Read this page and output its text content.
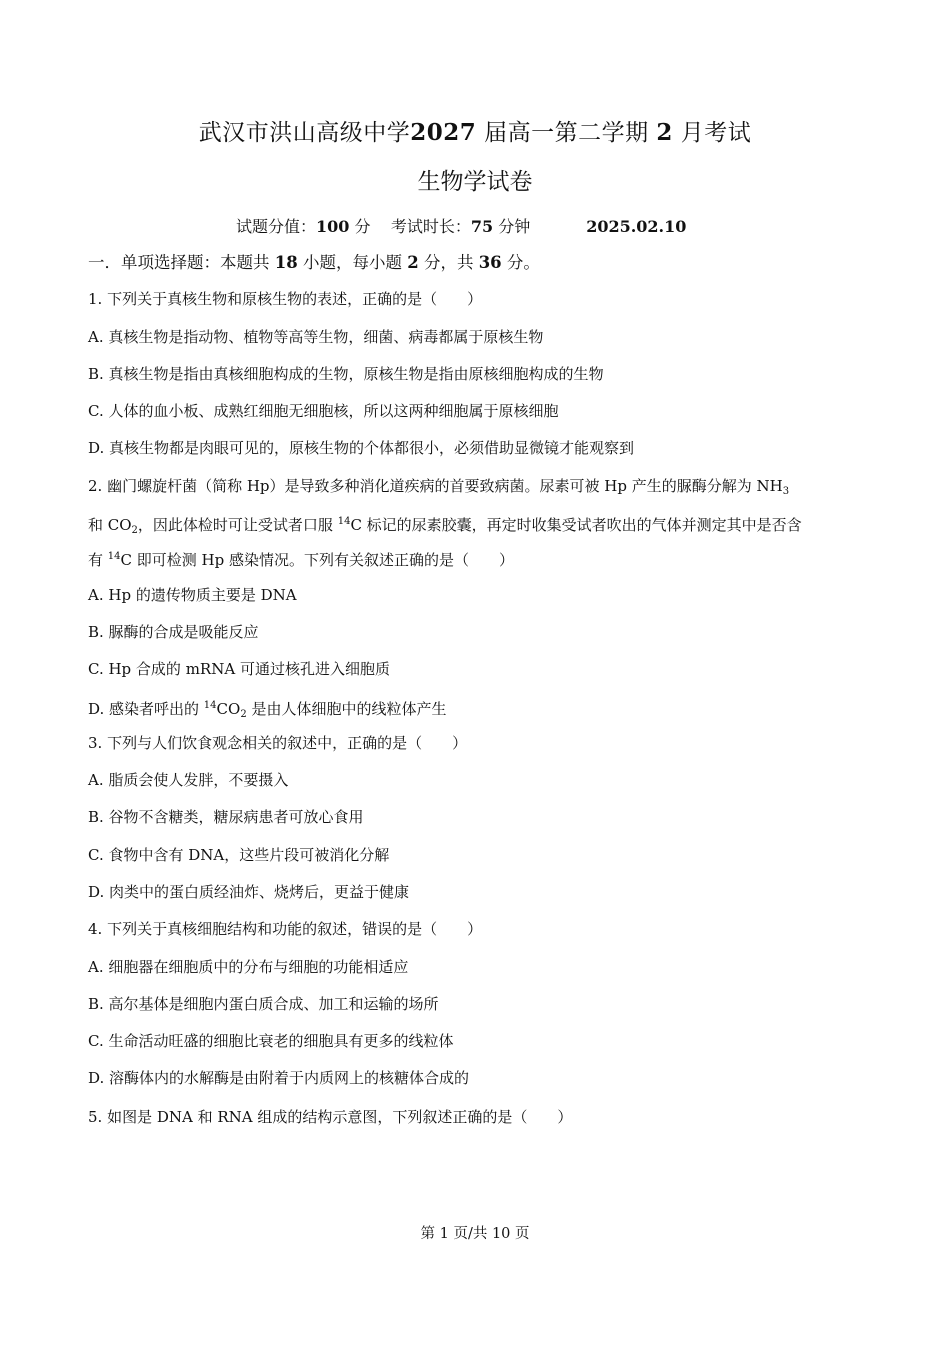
武汉市洪山高级中学2027 届高一第二学期 2 月考试
生物学试卷
试题分值：100 分 考试时长：75 分钟	2025.02.10
一．单项选择题：本题共 18 小题，每小题 2 分，共 36 分。
1. 下列关于真核生物和原核生物的表述，正确的是（　　）
A. 真核生物是指动物、植物等高等生物，细菌、病毒都属于原核生物
B. 真核生物是指由真核细胞构成的生物，原核生物是指由原核细胞构成的生物
C. 人体的血小板、成熟红细胞无细胞核，所以这两种细胞属于原核细胞
D. 真核生物都是肉眼可见的，原核生物的个体都很小，必须借助显微镜才能观察到
2. 幽门螺旋杆菌（简称 Hp）是导致多种消化道疾病的首要致病菌。尿素可被 Hp 产生的脲酶分解为 $NH_3$
和 $CO_2$，因此体检时可让受试者口服 $^{14}$C 标记的尿素胶囊，再定时收集受试者吹出的气体并测定其中是否含
有 $^{14}$C 即可检测 Hp 感染情况。下列有关叙述正确的是（　　）
A. Hp 的遗传物质主要是 DNA
B. 脲酶的合成是吸能反应
C. Hp 合成的 mRNA 可通过核孔进入细胞质
D. 感染者呼出的 $^{14}CO_2$ 是由人体细胞中的线粒体产生
3. 下列与人们饮食观念相关的叙述中，正确的是（　　）
A. 脂质会使人发胖，不要摄入
B. 谷物不含糖类，糖尿病患者可放心食用
C. 食物中含有 DNA，这些片段可被消化分解
D. 肉类中的蛋白质经油炸、烧烤后，更益于健康
4. 下列关于真核细胞结构和功能的叙述，错误的是（　　）
A. 细胞器在细胞质中的分布与细胞的功能相适应
B. 高尔基体是细胞内蛋白质合成、加工和运输的场所
C. 生命活动旺盛的细胞比衰老的细胞具有更多的线粒体
D. 溶酶体内的水解酶是由附着于内质网上的核糖体合成的
5. 如图是 DNA 和 RNA 组成的结构示意图，下列叙述正确的是（　　）
第 1 页/共 10 页
